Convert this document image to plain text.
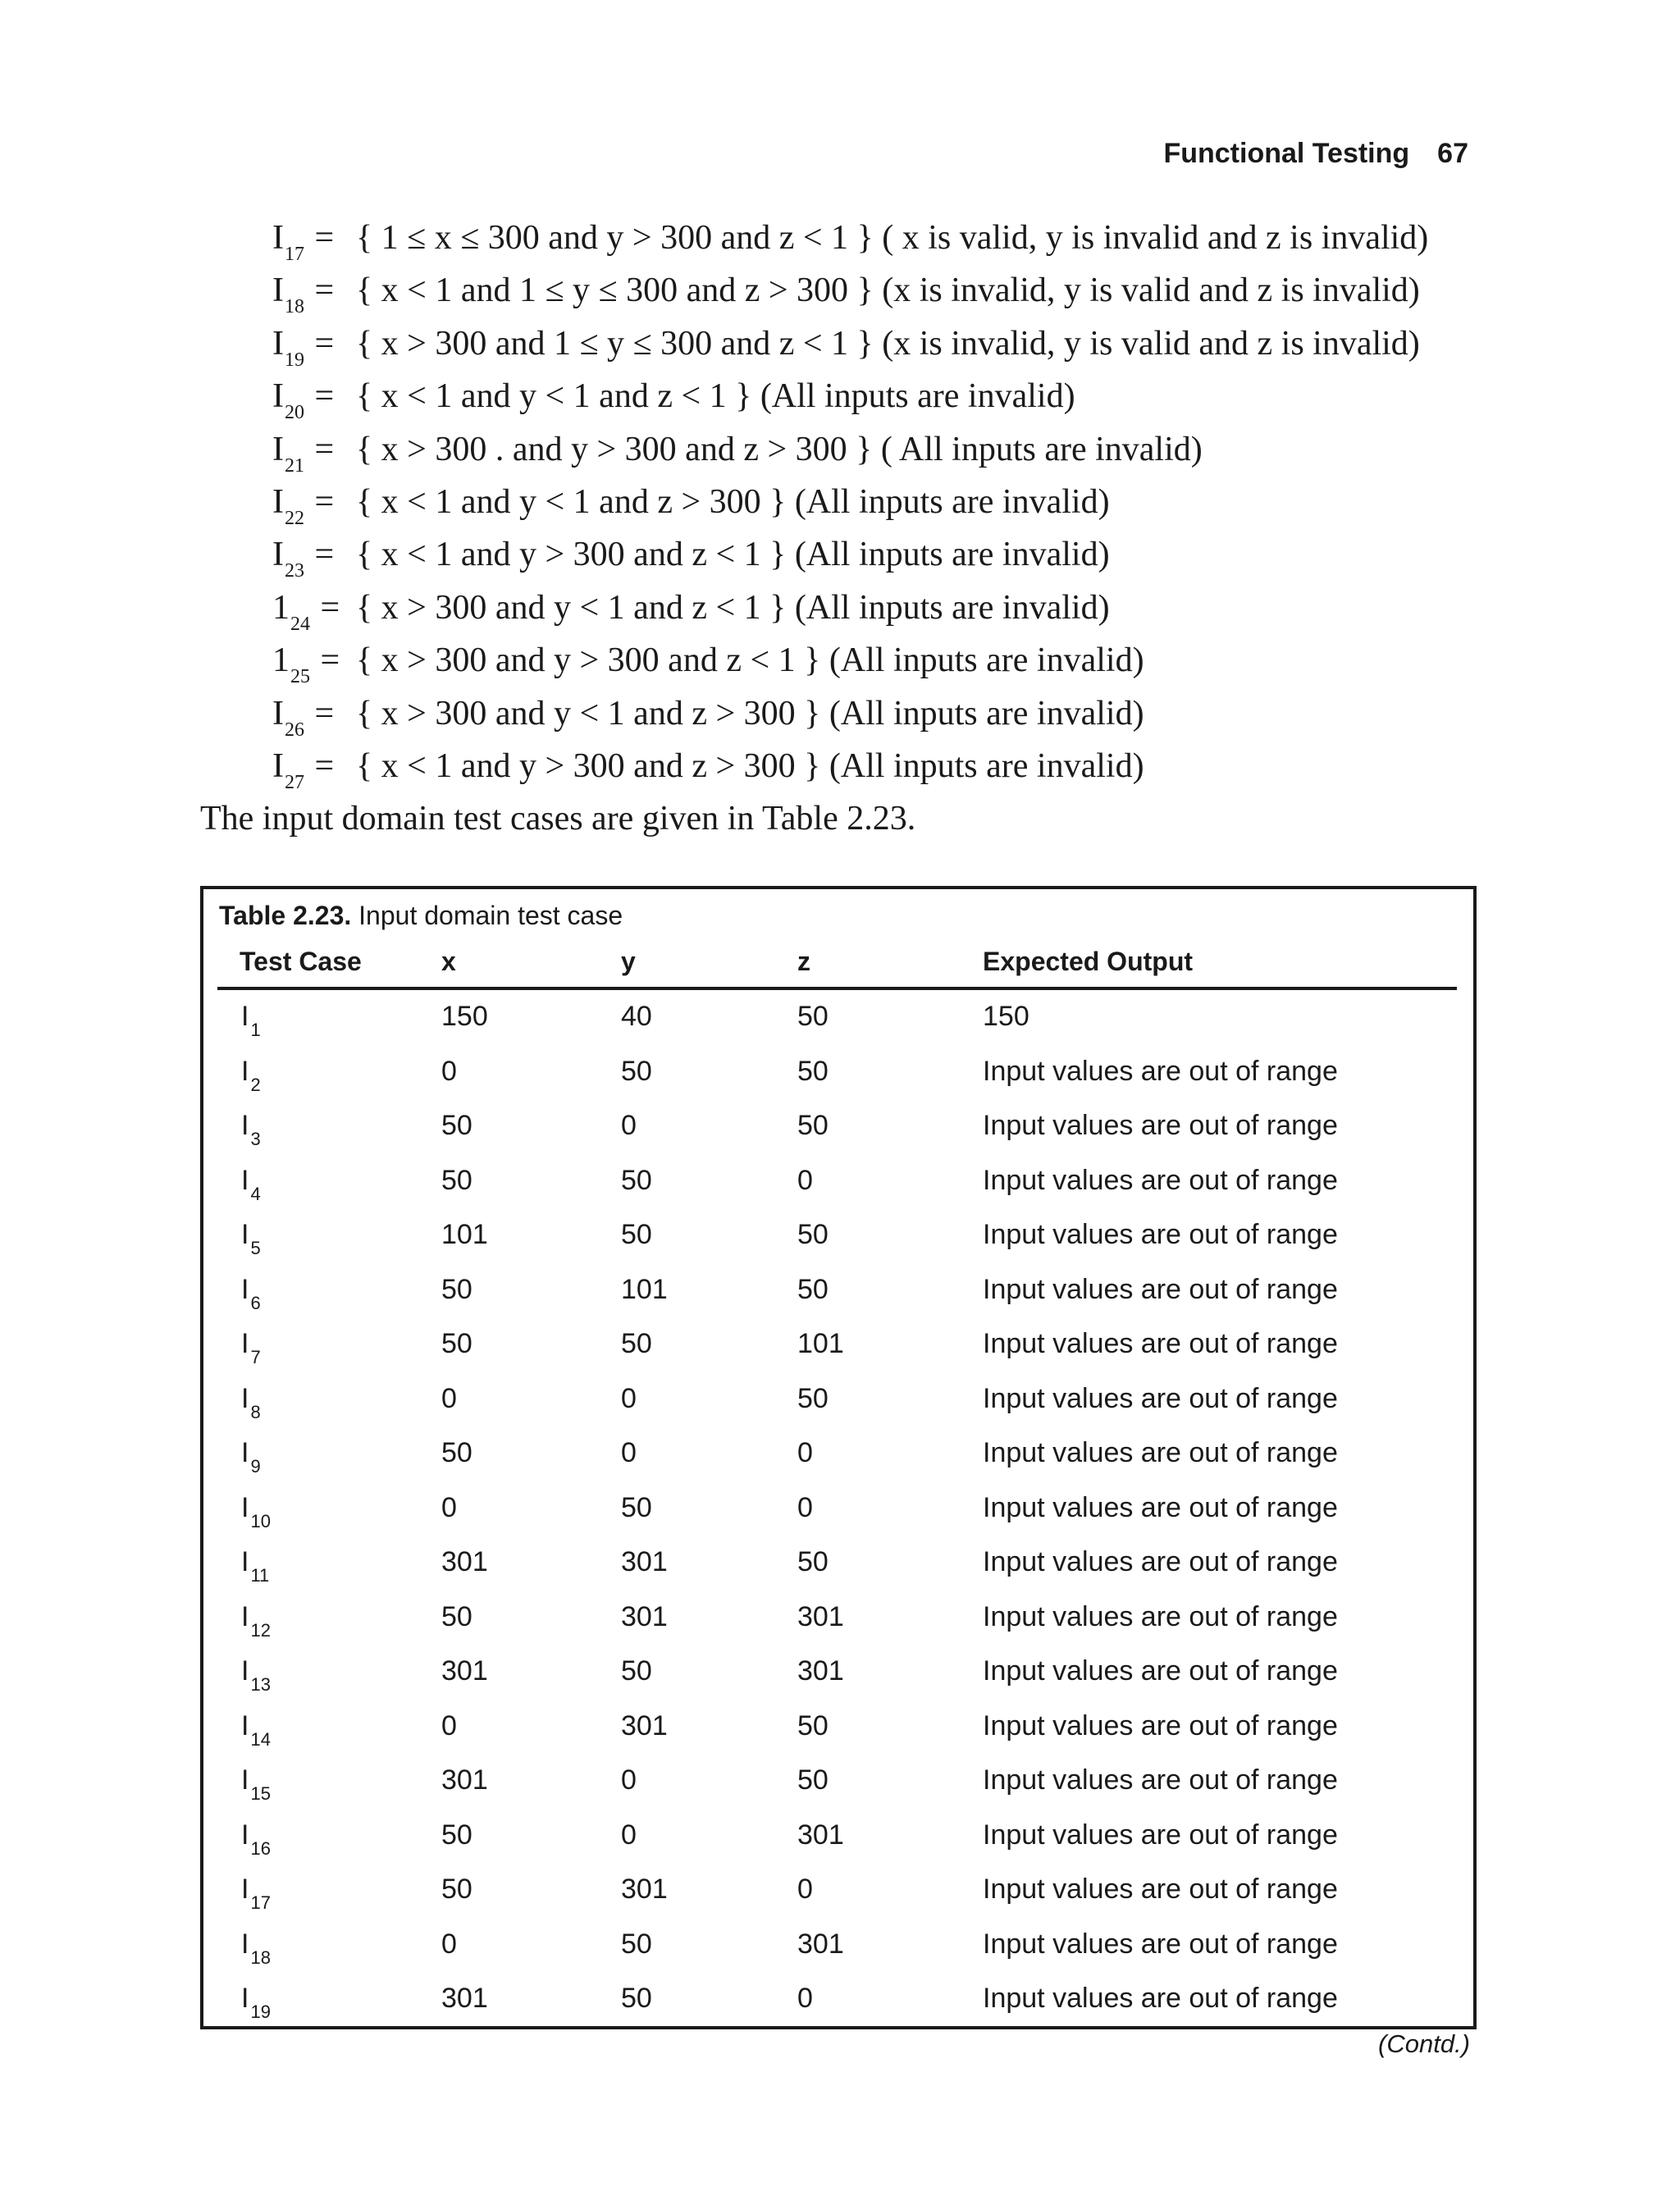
Functional Testing 67
$I_{17}$ = { 1 ≤ x ≤ 300 and y > 300 and z < 1 } ( x is valid, y is invalid and z is invalid)
$I_{18}$ = { x < 1 and 1 ≤ y ≤ 300 and z > 300 } (x is invalid, y is valid and z is invalid)
$I_{19}$ = { x > 300 and 1 ≤ y ≤ 300 and z < 1 } (x is invalid, y is valid and z is invalid)
$I_{20}$ = { x < 1 and y < 1 and z < 1 } (All inputs are invalid)
$I_{21}$ = { x > 300 . and y > 300 and z > 300 } ( All inputs are invalid)
$I_{22}$ = { x < 1 and y < 1 and z > 300 } (All inputs are invalid)
$I_{23}$ = { x < 1 and y > 300 and z < 1 } (All inputs are invalid)
$1_{24}$ = { x > 300 and y < 1 and z < 1 } (All inputs are invalid)
$1_{25}$ = { x > 300 and y > 300 and z < 1 } (All inputs are invalid)
$I_{26}$ = { x > 300 and y < 1 and z > 300 } (All inputs are invalid)
$I_{27}$ = { x < 1 and y > 300 and z > 300 } (All inputs are invalid)
The input domain test cases are given in Table 2.23.
Table 2.23. Input domain test case
Test Case	x	y	z	Expected Output
$I_1$	150	40	50	150
$I_2$	0	50	50	Input values are out of range
$I_3$	50	0	50	Input values are out of range
$I_4$	50	50	0	Input values are out of range
$I_5$	101	50	50	Input values are out of range
$I_6$	50	101	50	Input values are out of range
$I_7$	50	50	101	Input values are out of range
$I_8$	0	0	50	Input values are out of range
$I_9$	50	0	0	Input values are out of range
$I_{10}$	0	50	0	Input values are out of range
$I_{11}$	301	301	50	Input values are out of range
$I_{12}$	50	301	301	Input values are out of range
$I_{13}$	301	50	301	Input values are out of range
$I_{14}$	0	301	50	Input values are out of range
$I_{15}$	301	0	50	Input values are out of range
$I_{16}$	50	0	301	Input values are out of range
$I_{17}$	50	301	0	Input values are out of range
$I_{18}$	0	50	301	Input values are out of range
$I_{19}$	301	50	0	Input values are out of range
(Contd.)
